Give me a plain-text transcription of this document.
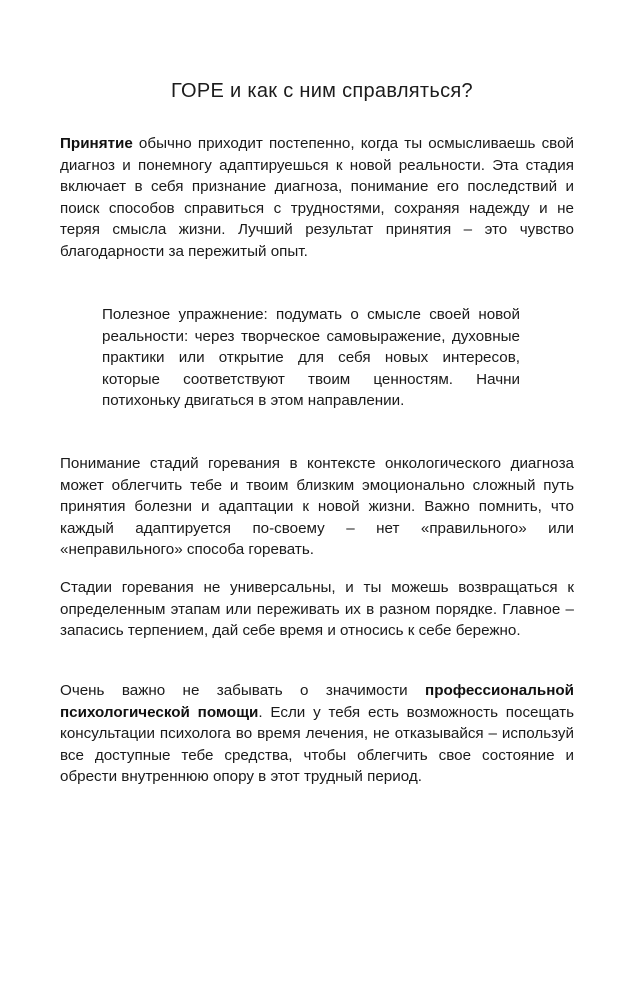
ГОРЕ и как с ним справляться?

Принятие обычно приходит постепенно, когда ты осмысливаешь свой диагноз и понемногу адаптируешься к новой реальности. Эта стадия включает в себя признание диагноза, понимание его последствий и поиск способов справиться с трудностями, сохраняя надежду и не теряя смысла жизни. Лучший результат принятия – это чувство благодарности за пережитый опыт.

Полезное упражнение: подумать о смысле своей новой реальности: через творческое самовыражение, духовные практики или открытие для себя новых интересов, которые соответствуют твоим ценностям. Начни потихоньку двигаться в этом направлении.

Понимание стадий горевания в контексте онкологического диагноза может облегчить тебе и твоим близким эмоционально сложный путь принятия болезни и адаптации к новой жизни. Важно помнить, что каждый адаптируется по-своему – нет «правильного» или «неправильного» способа горевать.

Стадии горевания не универсальны, и ты можешь возвращаться к определенным этапам или переживать их в разном порядке. Главное – запасись терпением, дай себе время и относись к себе бережно.

Очень важно не забывать о значимости профессиональной психологической помощи. Если у тебя есть возможность посещать консультации психолога во время лечения, не отказывайся – используй все доступные тебе средства, чтобы облегчить свое состояние и обрести внутреннюю опору в этот трудный период.
